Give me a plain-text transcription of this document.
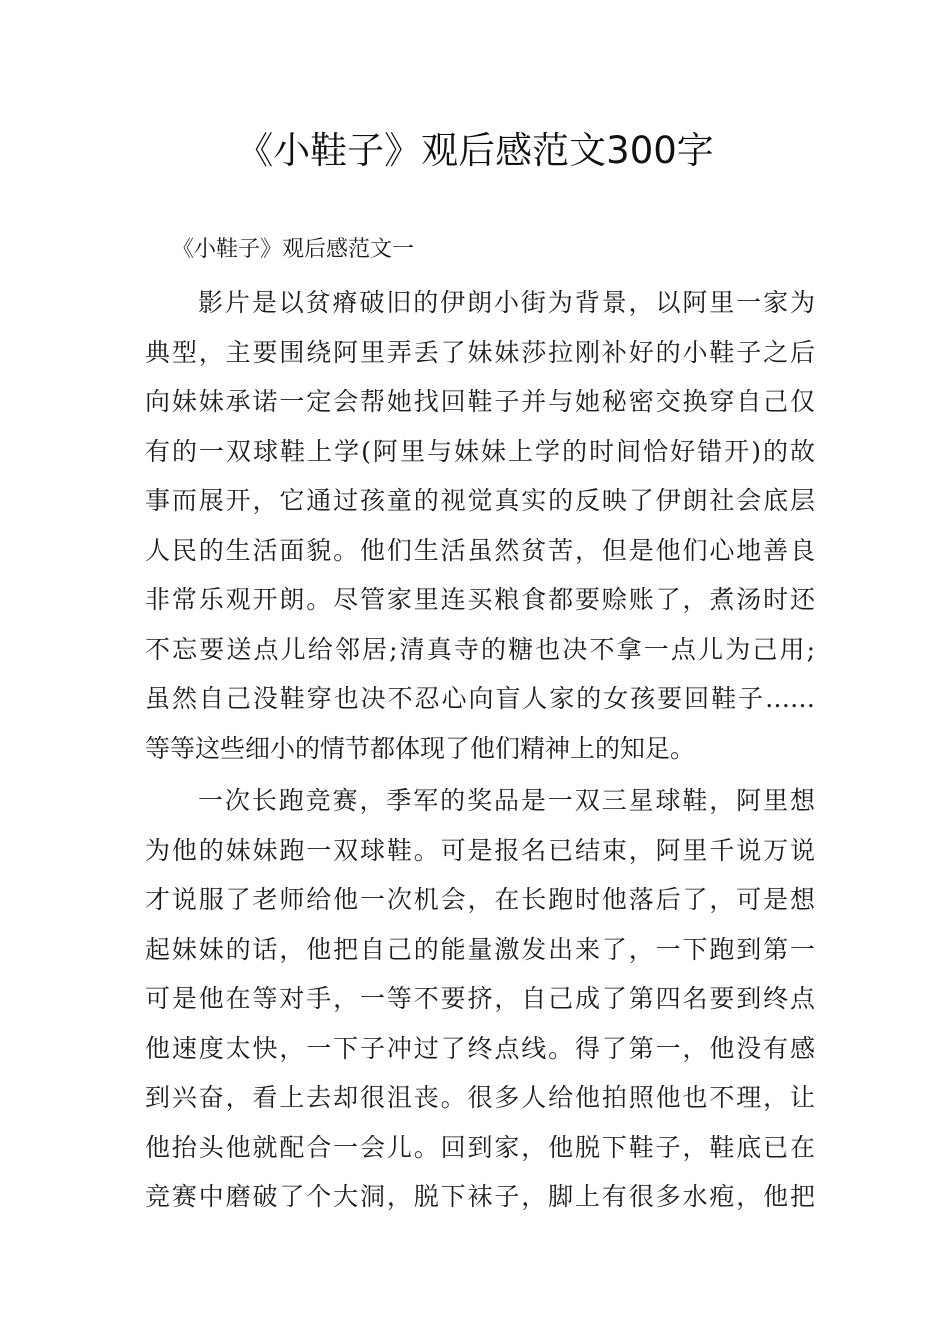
《小鞋子》观后感范文300字
《小鞋子》观后感范文一
影片是以贫瘠破旧的伊朗小街为背景，以阿里一家为
典型，主要围绕阿里弄丢了妹妹莎拉刚补好的小鞋子之后
向妹妹承诺一定会帮她找回鞋子并与她秘密交换穿自己仅
有的一双球鞋上学(阿里与妹妹上学的时间恰好错开)的故
事而展开，它通过孩童的视觉真实的反映了伊朗社会底层
人民的生活面貌。他们生活虽然贫苦，但是他们心地善良
非常乐观开朗。尽管家里连买粮食都要赊账了，煮汤时还
不忘要送点儿给邻居;清真寺的糖也决不拿一点儿为己用;
虽然自己没鞋穿也决不忍心向盲人家的女孩要回鞋子……
等等这些细小的情节都体现了他们精神上的知足。
一次长跑竞赛，季军的奖品是一双三星球鞋，阿里想
为他的妹妹跑一双球鞋。可是报名已结束，阿里千说万说
才说服了老师给他一次机会，在长跑时他落后了，可是想
起妹妹的话，他把自己的能量激发出来了，一下跑到第一
可是他在等对手，一等不要挤，自己成了第四名要到终点
他速度太快，一下子冲过了终点线。得了第一，他没有感
到兴奋，看上去却很沮丧。很多人给他拍照他也不理，让
他抬头他就配合一会儿。回到家，他脱下鞋子，鞋底已在
竞赛中磨破了个大洞，脱下袜子，脚上有很多水疱，他把
